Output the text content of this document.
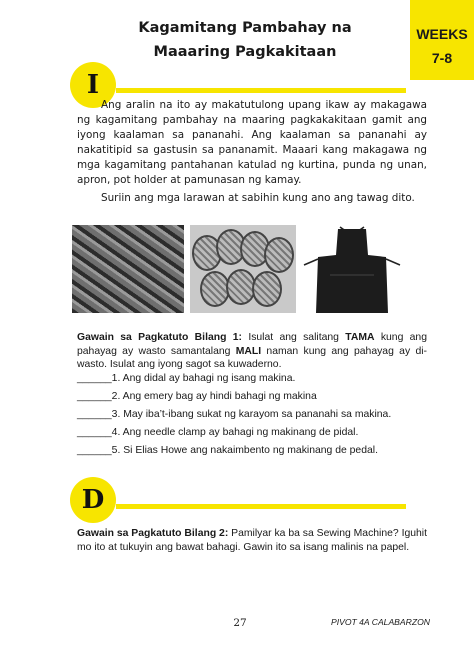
WEEKS
7-8
Kagamitang Pambahay na
Maaaring Pagkakitaan
I

Ang aralin na ito ay makatutulong upang ikaw ay makagawa ng kagamitang pambahay na maaring pagkakakitaan gamit ang iyong kaalaman sa pananahi. Ang kaalaman sa pananahi ay nakatitipid sa gastusin sa pananamit. Maaari kang makagawa ng mga kagamitang pantahanan katulad ng kurtina, punda ng unan, apron, pot holder at pamunasan ng kamay.

Suriin ang mga larawan at sabihin kung ano ang tawag dito.

Gawain sa Pagkatuto Bilang 1: Isulat ang salitang TAMA kung ang pahayag ay wasto samantalang MALI naman kung ang pahayag ay di-wasto. Isulat ang iyong sagot sa kuwaderno.
______1. Ang didal ay bahagi ng isang makina.
______2. Ang emery bag ay hindi bahagi ng makina
______3. May iba’t-ibang sukat ng karayom sa pananahi sa makina.
______4. Ang needle clamp ay bahagi ng makinang de pidal.
______5. Si Elias Howe ang nakaimbento ng makinang de pedal.
D
Gawain sa Pagkatuto Bilang 2: Pamilyar ka ba sa Sewing Machine? Iguhit mo ito at tukuyin ang bawat bahagi. Gawin ito sa isang malinis na papel.
27	PIVOT 4A CALABARZON
